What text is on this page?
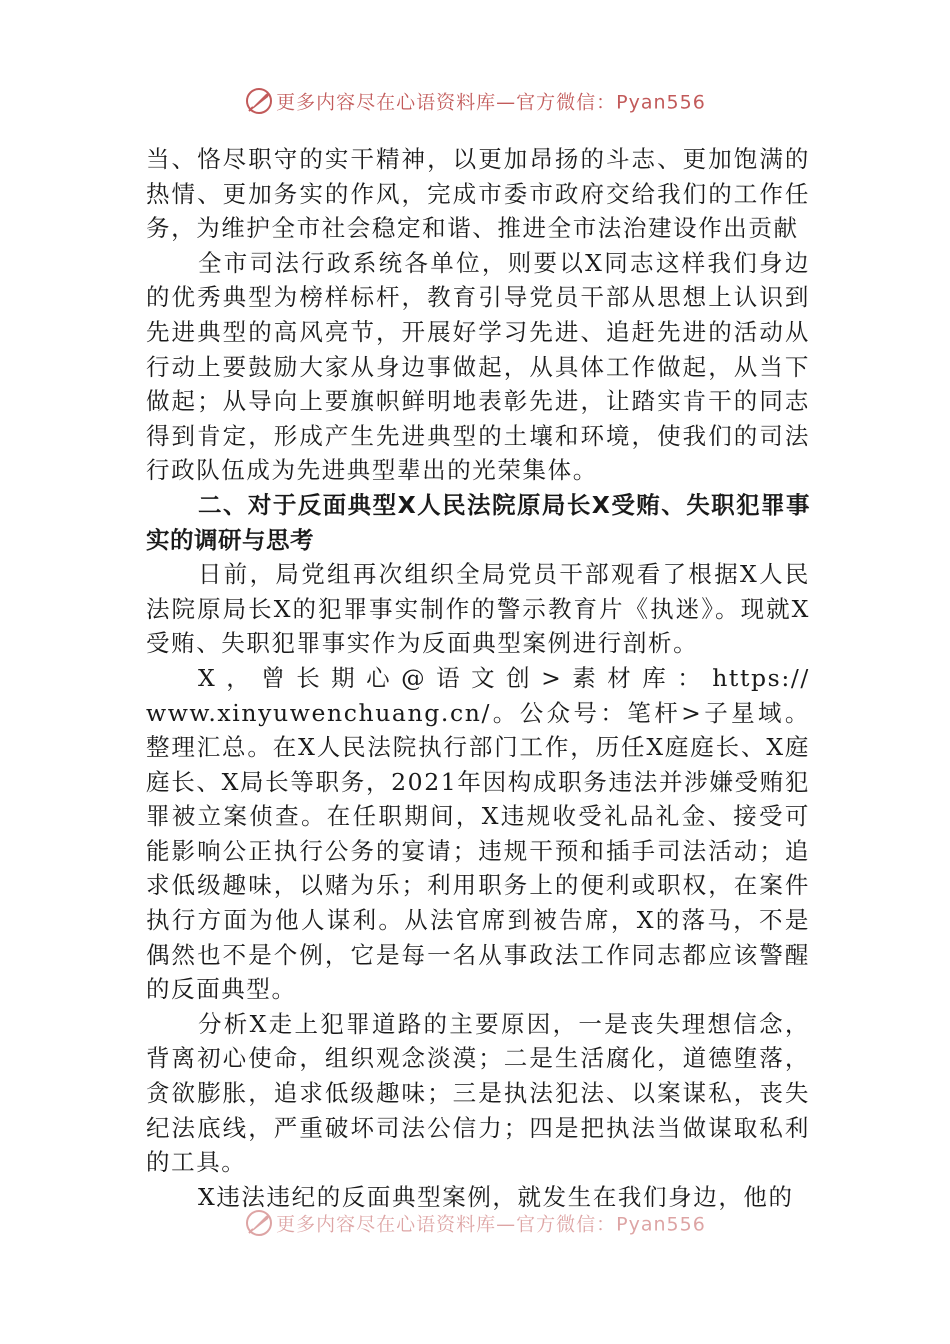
更多内容尽在心语资料库—官方微信：Pyan556

当、恪尽职守的实干精神，以更加昂扬的斗志、更加饱满的热情、更加务实的作风，完成市委市政府交给我们的工作任务，为维护全市社会稳定和谐、推进全市法治建设作出贡献

全市司法行政系统各单位，则要以X同志这样我们身边的优秀典型为榜样标杆，教育引导党员干部从思想上认识到先进典型的高风亮节，开展好学习先进、追赶先进的活动从行动上要鼓励大家从身边事做起，从具体工作做起，从当下做起；从导向上要旗帜鲜明地表彰先进，让踏实肯干的同志得到肯定，形成产生先进典型的土壤和环境，使我们的司法行政队伍成为先进典型辈出的光荣集体。

二、对于反面典型X人民法院原局长X受贿、失职犯罪事实的调研与思考

日前，局党组再次组织全局党员干部观看了根据X人民法院原局长X的犯罪事实制作的警示教育片《执迷》。现就X受贿、失职犯罪事实作为反面典型案例进行剖析。

X ， 曾 长 期 心 @ 语 文 创 > 素 材 库 ： https://

www.xinyuwenchuang.cn/。公众号：笔杆>子星域。整理汇总。在X人民法院执行部门工作，历任X庭庭长、X庭庭长、X局长等职务，2021年因构成职务违法并涉嫌受贿犯罪被立案侦查。在任职期间，X违规收受礼品礼金、接受可能影响公正执行公务的宴请；违规干预和插手司法活动；追求低级趣味，以赌为乐；利用职务上的便利或职权，在案件执行方面为他人谋利。从法官席到被告席，X的落马，不是偶然也不是个例，它是每一名从事政法工作同志都应该警醒的反面典型。

分析X走上犯罪道路的主要原因，一是丧失理想信念，背离初心使命，组织观念淡漠；二是生活腐化，道德堕落，贪欲膨胀，追求低级趣味；三是执法犯法、以案谋私，丧失纪法底线，严重破坏司法公信力；四是把执法当做谋取私利的工具。

X违法违纪的反面典型案例，就发生在我们身边，他的

更多内容尽在心语资料库—官方微信：Pyan556
